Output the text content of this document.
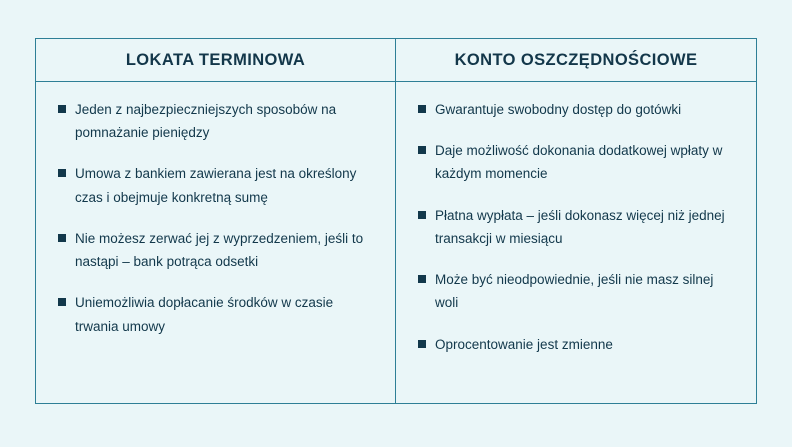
LOKATA TERMINOWA	KONTO OSZCZĘDNOŚCIOWE
Jeden z najbezpieczniejszych sposobów na pomnażanie pieniędzy
Umowa z bankiem zawierana jest na określony czas i obejmuje konkretną sumę
Nie możesz zerwać jej z wyprzedzeniem, jeśli to nastąpi – bank potrąca odsetki
Uniemożliwia dopłacanie środków w czasie trwania umowy
Gwarantuje swobodny dostęp do gotówki
Daje możliwość dokonania dodatkowej wpłaty w każdym momencie
Płatna wypłata – jeśli dokonasz więcej niż jednej transakcji w miesiącu
Może być nieodpowiednie, jeśli nie masz silnej woli
Oprocentowanie jest zmienne
